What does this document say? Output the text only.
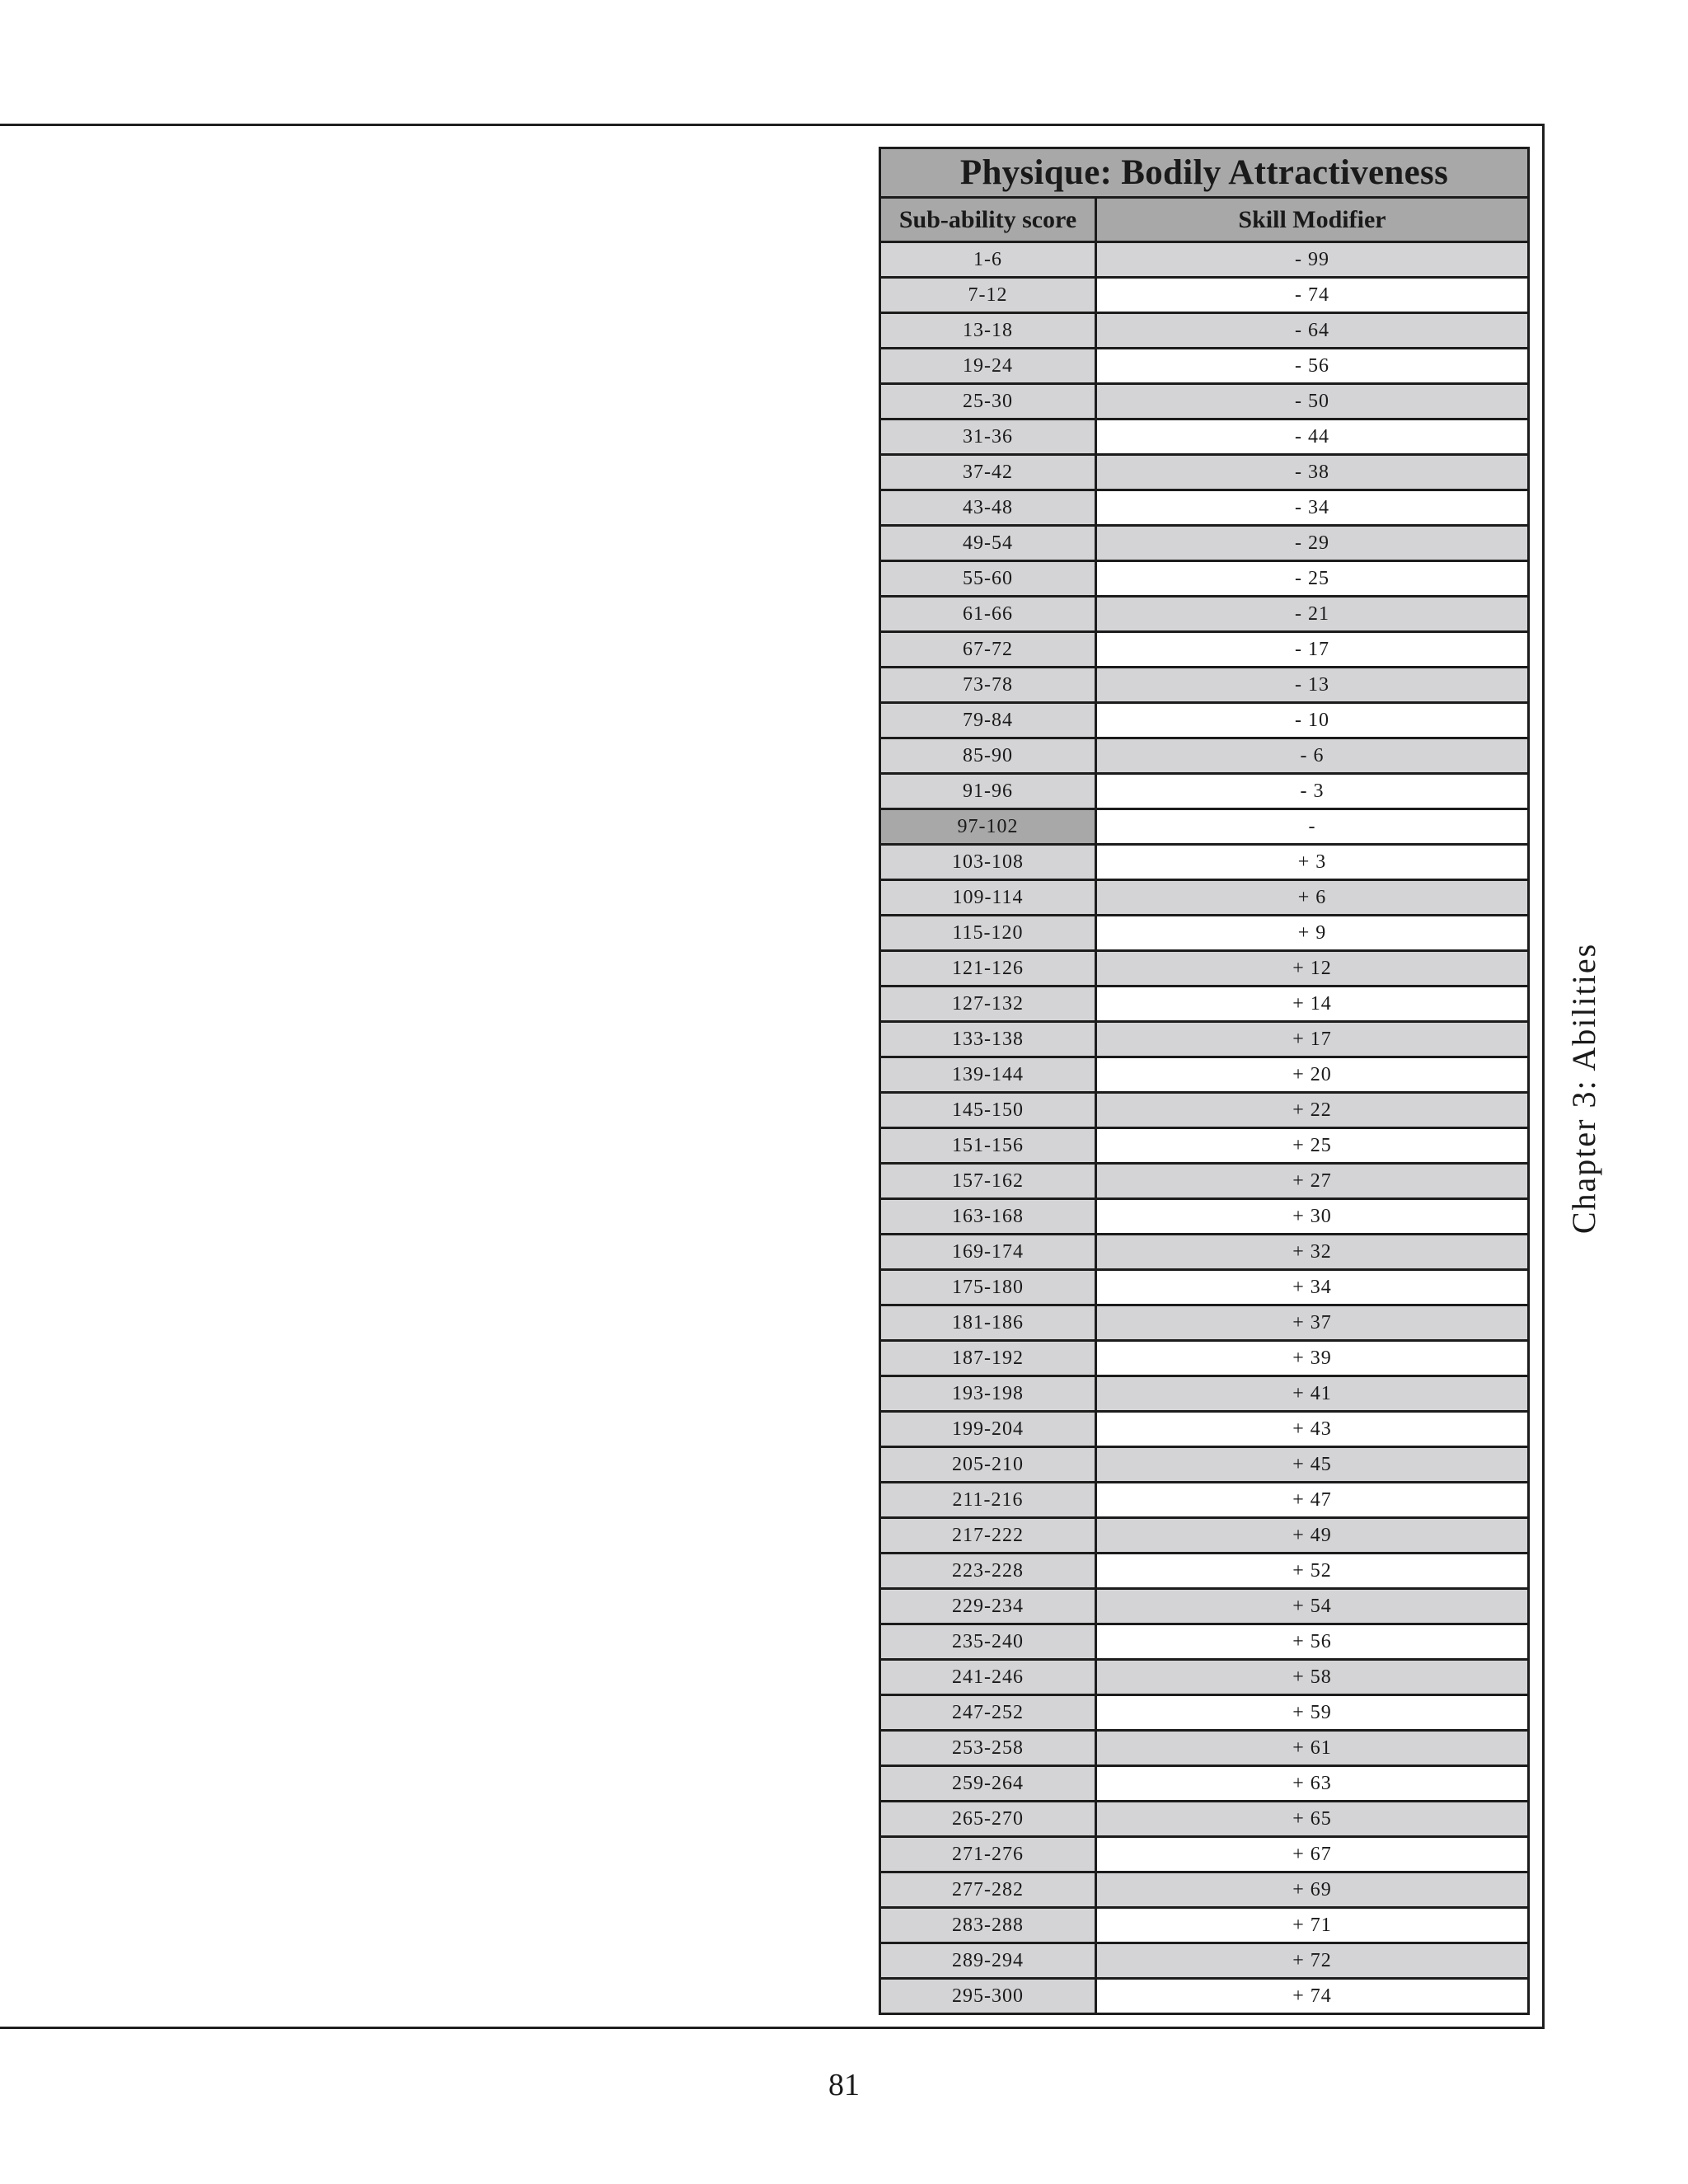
Physique: Bodily Attractiveness	
Sub-ability score	Skill Modifier
1-6	- 99
7-12	- 74
13-18	- 64
19-24	- 56
25-30	- 50
31-36	- 44
37-42	- 38
43-48	- 34
49-54	- 29
55-60	- 25
61-66	- 21
67-72	- 17
73-78	- 13
79-84	- 10
85-90	- 6
91-96	- 3
97-102	-
103-108	+ 3
109-114	+ 6
115-120	+ 9
121-126	+ 12
127-132	+ 14
133-138	+ 17
139-144	+ 20
145-150	+ 22
151-156	+ 25
157-162	+ 27
163-168	+ 30
169-174	+ 32
175-180	+ 34
181-186	+ 37
187-192	+ 39
193-198	+ 41
199-204	+ 43
205-210	+ 45
211-216	+ 47
217-222	+ 49
223-228	+ 52
229-234	+ 54
235-240	+ 56
241-246	+ 58
247-252	+ 59
253-258	+ 61
259-264	+ 63
265-270	+ 65
271-276	+ 67
277-282	+ 69
283-288	+ 71
289-294	+ 72
295-300	+ 74
Chapter 3: Abilities
81
